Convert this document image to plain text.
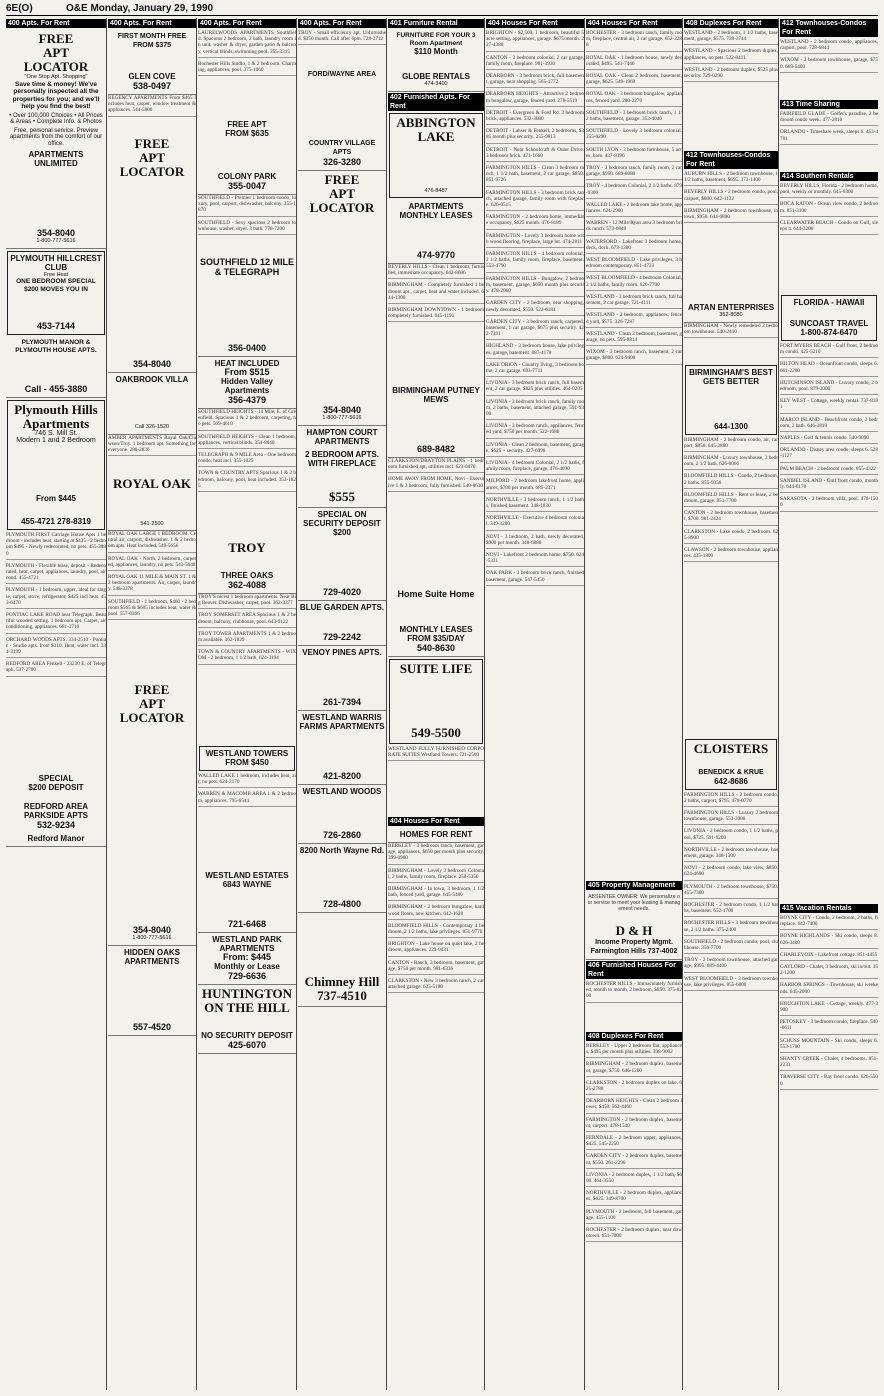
6E(O)	O&E Monday, January 29, 1990
400 Apts. For Rent
FREE
APT
LOCATOR
"One Stop Apt. Shopping"
Save time & money! We've personally inspected all the properties for you; and we'll help you find the best!
• Over 100,000 Choices • All Prices & Areas • Complete Info. & Photos
Free, personal service. Preview apartments from the comfort of our office.
APARTMENTS UNLIMITED
354-8040
1-800-777-5616
PLYMOUTH HILLCREST CLUB
Free Heat
ONE BEDROOM SPECIAL $200 MOVES YOU IN
453-7144
PLYMOUTH MANOR & PLYMOUTH HOUSE APTS.
Call - 455-3880
Plymouth Hills Apartments
746 S. Mill St.
Modern 1 and 2 Bedroom
From $445
455-4721 278-8319

PLYMOUTH FIRST Carriage House Apts 1 bedroom - includes heat, starting at $435 - 2 bedroom $495 - Newly redecorated, no pets. 455-3880

PLYMOUTH - Flexible lease, deposit - Redecorated, heat, carpet, appliances, laundry, pool, air cond. 455-4721

PLYMOUTH - 1 bedroom, upper, ideal for single, carpet, stove, refrigerator, $425 incl heat. 453-6470

PONTIAC LAKE ROAD near Telegraph. Beautiful wooded setting. 1 bedroom apt. Carpet, air conditioning, appliances. 681-3710

ORCHARD WOODS APTS. 334-2510 - Pontiac - Studio apts. from $310. Heat, water incl. 334-3199

REDFORD AREA Fenkell - 23230 E. of Telegraph. 537-2700

SPECIAL
$200 DEPOSIT
REDFORD AREA
PARKSIDE APTS
532-9234
Redford Manor
400 Apts. For Rent
FIRST MONTH FREE
FROM $375
GLEN COVE
538-0497

REGENCY APARTMENTS From $465 Includes heat, carpet, window treatment & appliances. 544-5800

FREE
APT
LOCATOR
354-8040
OAKBROOK VILLA
Call 326-1520

AMBER APARTMENTS Royal Oak/Clawson/Troy. 1 bedroom apt. Something for everyone. 280-2830

ROYAL OAK
541-2500

ROYAL OAK LARGE 1 BEDROOM. Central air, carport, dishwasher. 1 & 2 bedroom apts. Heat included. 549-5656

ROYAL OAK - North. 2 bedroom, carpeted, appliances, laundry, no pets. 543-5640

ROYAL OAK 11 MILE & MAIN ST. 1 & 2 bedroom apartments. Air, carpet, laundry. 548-3378

SOUTHFIELD - 1 bedroom, $460 - 2 bedroom $565 & $605 includes heat, water & pool. 557-0366

FREE
APT
LOCATOR
354-8040
1-800-777-5616
HIDDEN OAKS APARTMENTS
557-4520
400 Apts. For Rent

LAURELWOODS APARTMENTS Southfield. Spacious 2 bedroom, 2 bath, laundry room in unit, washer & dryer, garden patio & balcony, vertical blinds, swimming pool. 355-3315

Rochester Hills Studio, 1 & 2 bedroom. Charming, appliances, pool. 375-1060

FREE APT
FROM $635
COLONY PARK
355-0047

SOUTHFIELD - Premier 1 bedroom condo, luxury, pool, carport, dishwasher, balcony. 355-1870

SOUTHFIELD - Sexy spacious 2 bedroom townhouse, washer, dryer. 3 bath. 778-7200

SOUTHFIELD 12 MILE & TELEGRAPH
356-0400
HEAT INCLUDED
From $515
Hidden Valley Apartments
356-4379

SOUTHFIELD HEIGHTS - 14 Mile, E. of Greenfield. Spacious 1 & 2 bedroom, carpeting, no pets. 569-4610

SOUTHFIELD HEIGHTS - Clean 1 bedroom, appliances, vertical blinds. 354-8040

TELEGRAPH & 9 MILE Area - One bedroom condo, heat incl. 355-1025

TOWN & COUNTRY APTS Spacious 1 & 2 bedroom, balcony, pool, heat included. 353-1825

TROY
THREE OAKS
362-4088

TROY'S nicest 1 bedroom apartments. Near Big Beaver. Dishwasher, carpet, pool. 362-3377

TROY SOMERSET AREA Spacious 1 & 2 bedroom, balcony, clubhouse, pool. 643-9122

TROY TOWER APARTMENTS 1 & 2 bedroom available. 362-1829

TOWN & COUNTRY APARTMENTS - WIXOM - 2 bedroom, 1 1/2 bath, 624-3194

WESTLAND TOWERS
FROM $450

WALLED LAKE 1 bedroom, includes heat, air, no pets. 624-3170

WARREN & MACOMB AREA 1 & 2 bedroom, appliances. 795-6544

WESTLAND ESTATES
6843 WAYNE
721-6468
WESTLAND PARK APARTMENTS
From: $445
Monthly or Lease
729-6636
HUNTINGTON ON THE HILL
NO SECURITY DEPOSIT
425-6070
400 Apts. For Rent

TROY - Small efficiency apt. Unfurnished. $350 month. Call after 6pm. 728-3712

FORD/WAYNE AREA
COUNTRY VILLAGE APTS
326-3280
FREE
APT
LOCATOR
354-8040
1-800-777-5616
HAMPTON COURT APARTMENTS
2 BEDROOM APTS. WITH FIREPLACE
$555
SPECIAL ON SECURITY DEPOSIT $200
729-4020
BLUE GARDEN APTS.
729-2242
VENOY PINES APTS.
261-7394
WESTLAND WARRIS FARMS APARTMENTS
421-8200
WESTLAND WOODS
726-2860
8200 North Wayne Rd.
728-4800
Chimney Hill
737-4510
401 Furniture Rental
FURNITURE FOR YOUR 3 Room Apartment
$110 Month
GLOBE RENTALS
474-3400
402 Furnished Apts. For Rent
ABBINGTON LAKE
476-8487
APARTMENTS MONTHLY LEASES
474-9770

BEVERLY HILLS - Clean 1 bedroom, furnished, immediate occupancy. 642-8686

BIRMINGHAM - Completely furnished 1 bedroom apt., carpet, heat and water included. 644-1300

BIRMINGHAM DOWNTOWN - 1 bedroom completely furnished. 645-1191

BIRMINGHAM PUTNEY MEWS
689-8482

CLARKSTON/DRAYTON PLAINS - 1 bedroom furnished apt, utilities incl. 623-0470

HOME AWAY FROM HOME, Novi - Executive 1 & 2 bedroom, fully furnished. 540-8630

Home Suite Home
MONTHLY LEASES FROM $35/DAY
540-8630
SUITE LIFE
549-5500

WESTLAND FULLY FURNISHED CORPORATE SUITES Westland Towers. 721-2500

404 Houses For Rent
HOMES FOR RENT

BERKLEY - 3 bedroom ranch, basement, garage, appliances, $650 per month plus security. 399-0900

BIRMINGHAM - Lovely 3 bedroom Colonial, 2 baths, family room, fireplace. 258-5350

BIRMINGHAM - In town, 3 bedroom, 1 1/2 bath, fenced yard, garage. 645-5400

BIRMINGHAM - 2 bedroom bungalow, hardwood floors, new kitchen. 642-1620

BLOOMFIELD HILLS - Contemporary 4 bedroom, 2 1/2 baths, lake privileges. 851-9770

BRIGHTON - Lake house on quiet lake, 2 bedroom, appliances. 229-9431

CANTON - Ranch, 3 bedroom, basement, garage, $750 per month. 981-6336

CLARKSTON - New 3 bedroom ranch, 2 car attached garage. 625-5180

404 Houses For Rent

BRIGHTON - $2,500, 1 bedroom, beautiful 5 acre setting, appliances, garage. $675/month. 227-4380

CANTON - 3 bedroom colonial, 2 car garage, family room, fireplace. 981-3930

DEARBORN - 3 bedroom brick, full basement, garage, near shopping. 565-1772

DEARBORN HEIGHTS - Attractive 2 bedroom bungalow, garage, fenced yard. 278-5519

DETROIT - Evergreen & Ford Rd. 3 bedroom brick, appliances. 532-3080

DETROIT - Lahser & Fenkell, 2 bedrooms, $385 month plus security. 255-9813

DETROIT - Near Schoolcraft & Outer Drive. 3 bedroom brick. 471-1660

FARMINGTON HILLS - Clean 3 bedroom ranch, 1 1/2 bath, basement, 2 car garage, $850. 851-9726

FARMINGTON HILLS - 3 bedroom brick ranch, attached garage, family room with fireplace. 626-0515

FARMINGTON - 2 bedroom home, immediate occupancy, $625 month. 476-8189

FARMINGTON - Lovely 3 bedroom home with wood flooring, fireplace, large lot. 474-2811

FARMINGTON HILLS - 4 bedroom colonial, 2 1/2 baths, family room, fireplace, basement. 553-4790

FARMINGTON HILLS - Bungalow, 2 bedroom, basement, garage, $650 month plus security. 478-2060

GARDEN CITY - 2 bedroom, near shopping, newly decorated, $550. 522-6184

GARDEN CITY - 3 bedroom ranch, carpeted, basement, 1 car garage, $675 plus security. 422-7391

HIGHLAND - 3 bedroom house, lake privileges, garage, basement. 887-4170

LAKE ORION - Country living, 3 bedroom home, 2 car garage. 693-7711

LIVONIA - 3 bedroom brick ranch, full basement, 2 car garage, $825 plus utilities. 464-0205

LIVONIA - 3 bedroom brick ranch, family room, 2 baths, basement, attached garage. 591-9300

LIVONIA - 3 bedroom ranch, appliances, fenced yard, $750 per month. 522-1080

LIVONIA - Clean 2 bedroom, basement, garage, $625 + security. 427-6990

LIVONIA - 4 bedroom Colonial, 2 1/2 baths, family room, fireplace, garage. 476-4090

MILFORD - 2 bedroom lakefront home, appliances, $700 per month. 685-2371

NORTHVILLE - 3 bedroom ranch, 1 1/2 baths, finished basement. 348-1830

NORTHVILLE - Executive 4 bedroom colonial. 349-3200

NOVI - 3 bedroom, 2 bath, newly decorated, $900 per month. 348-6880

NOVI - Lakefront 2 bedroom home, $750. 624-5331

OAK PARK - 3 bedroom brick ranch, finished basement, garage. 547-5450

404 Houses For Rent

ROCHESTER - 3 bedroom ranch, family room, fireplace, central air, 2 car garage. 652-2288

ROYAL OAK - 1 bedroom house, newly decorated, $495. 541-7440

ROYAL OAK - Clean 2 bedroom, basement, garage, $625. 549-1969

ROYAL OAK - 3 bedroom bungalow, appliances, fenced yard. 280-2270

SOUTHFIELD - 3 bedroom brick ranch, 1 1/2 baths, basement, garage. 353-4040

SOUTHFIELD - Lovely 3 bedroom colonial. 355-0290

SOUTH LYON - 3 bedroom farmhouse, 5 acres, barn. 437-8196

TROY - 3 bedroom ranch, family room, 2 car garage, $950. 689-8080

TROY - 4 bedroom Colonial, 2 1/2 baths. 879-9300

WALLED LAKE - 2 bedroom lake home, appliances. 624-2900

WARREN - 12 Mile/Ryan area 3 bedroom brick ranch. 573-6840

WATERFORD - Lakefront 3 bedroom home, deck, dock. 673-1300

WEST BLOOMFIELD - Lake privileges, 3 bedroom contemporary. 851-4733

WEST BLOOMFIELD - 4 bedroom Colonial, 2 1/2 baths, family room. 626-7700

WESTLAND - 3 bedroom brick ranch, full basement, 2 car garage. 721-4111

WESTLAND - 2 bedroom, appliances, fenced yard, $575. 326-7287

WESTLAND - Clean 3 bedroom, basement, garage, no pets. 595-8814

WIXOM - 3 bedroom ranch, basement, 2 car garage, $800. 624-9400

405 Property Management
ABSENTEE OWNER: We personalize our service to meet your leasing & management needs.
D & H
Income Property Mgmt.
Farmington Hills 737-4002
406 Furnished Houses For Rent

ROCHESTER HILLS - Immaculately furnished, month to month, 2 bedroom, $850. 375-0200

408 Duplexes For Rent

BERKLEY - Upper 2 bedroom flat, appliances, $495 per month plus utilities. 398-9002

BIRMINGHAM - 2 bedroom duplex, basement, garage, $750. 646-1200

CLARKSTON - 2 bedroom duplex on lake. 625-2780

DEARBORN HEIGHTS - Clean 2 bedroom lower, $450. 562-4460

FARMINGTON - 2 bedroom duplex, basement, carport. 478-1540

FERNDALE - 2 bedroom upper, appliances, $425. 545-2250

GARDEN CITY - 2 bedroom duplex, basement, $550. 261-2290

LIVONIA - 2 bedroom duplex, 1 1/2 bath, $600. 464-3550

NORTHVILLE - 2 bedroom duplex, appliances, $625. 349-8700

PLYMOUTH - 2 bedroom, full basement, garage. 455-1100

ROCHESTER - 2 bedroom duplex, near downtown. 651-7000

408 Duplexes For Rent

WESTLAND - 2 bedroom, 1 1/2 baths, basement, garage, $575. 728-3744

WESTLAND - Spacious 2 bedroom duplex, appliances, no pets. 522-8411

WESTLAND - 2 bedroom duplex, $525 plus security. 729-0290

412 Townhouses-Condos For Rent

AUBURN HILLS - 2 bedroom townhouse, 1 1/2 baths, basement, $695. 373-1400

BEVERLY HILLS - 2 bedroom condo, pool, carport, $800. 642-1122

BIRMINGHAM - 2 bedroom townhouse, in town, $950. 644-6800

ARTAN ENTERPRISES
352-8080

BIRMINGHAM - Newly remodeled 2 bedroom townhouse. 540-2410

BIRMINGHAM'S BEST GETS BETTER
644-1300

BIRMINGHAM - 2 bedroom condo, air, carport, $850. 645-2880

BIRMINGHAM - Luxury townhouse, 3 bedroom, 2 1/2 bath. 626-0066

BLOOMFIELD HILLS - Condo, 2 bedroom, 2 baths. 855-9350

BLOOMFIELD HILLS - Rent or lease, 2 bedroom, garage. 851-7700

CANTON - 2 bedroom townhouse, basement, $700. 981-2424

CLARKSTON - Lake condo, 2 bedroom. 625-8900

CLAWSON - 2 bedroom townhouse, appliances. 435-1800

CLOISTERS
BENEDICK & KRUE
642-8686

FARMINGTON HILLS - 2 bedroom condo, 2 baths, carport, $795. 478-0770

FARMINGTON HILLS - Luxury 2 bedroom townhouse, garage. 553-3080

LIVONIA - 2 bedroom condo, 1 1/2 baths, pool, $725. 591-9200

NORTHVILLE - 2 bedroom townhouse, basement, garage. 348-1300

NOVI - 2 bedroom condo, lake view, $850. 624-4600

PLYMOUTH - 2 bedroom townhouse, $750. 455-7300

ROCHESTER - 2 bedroom condo, 1 1/2 baths, basement. 652-1700

ROCHESTER HILLS - 3 bedroom townhouse, 2 1/2 baths. 375-2400

SOUTHFIELD - 2 bedroom condo, pool, clubhouse. 356-7700

TROY - 2 bedroom townhouse, attached garage, $995. 689-4400

WEST BLOOMFIELD - 3 bedroom townhouse, lake privileges. 855-6800

412 Townhouses-Condos For Rent

WESTLAND - 2 bedroom condo, appliances, carport, pool. 728-6844

WIXOM - 2 bedroom townhouse, garage, $750. 669-5400

413 Time Sharing

FAIRFIELD GLADE - Golfer's paradise, 2 bedroom condo week. 477-2810

ORLANDO - Timeshare week, sleeps 6. 453-4701

414 Southern Rentals

BEVERLY HILLS, Florida - 2 bedroom home, pool, weekly or monthly. 645-6300

BOCA RATON - Ocean view condo, 2 bedroom. 851-3100

CLEARWATER BEACH - Condo on Gulf, sleeps 4. 644-3200

FLORIDA - HAWAII
SUNCOAST TRAVEL
1-800-874-6470

FORT MYERS BEACH - Gulf front, 2 bedroom condo. 425-5210

HILTON HEAD - Oceanfront condo, sleeps 6. 661-2200

HUTCHINSON ISLAND - Luxury condo, 2 bedroom, pool. 879-3000

KEY WEST - Cottage, weekly rental. 737-8181

MARCO ISLAND - Beachfront condo, 2 bedroom, 2 bath. 646-3810

NAPLES - Golf & tennis condo. 540-9090

ORLANDO - Disney area condo, sleeps 6. 528-1127

PALM BEACH - 2 bedroom condo. 855-4322

SANIBEL ISLAND - Gulf front condo, monthly. 644-6170

SARASOTA - 2 bedroom villa, pool. 478-1500

415 Vacation Rentals

BOYNE CITY - Condo, 2 bedroom, 2 baths, fireplace. 642-7400

BOYNE HIGHLANDS - Ski condo, sleeps 8. 626-3400

CHARLEVOIX - Lakefront cottage. 851-4455

GAYLORD - Chalet, 3 bedroom, ski in/out. 352-1200

HARBOR SPRINGS - Townhouse, ski weekends. 645-2000

HOUGHTON LAKE - Cottage, weekly. 477-3900

PETOSKEY - 3 bedroom condo, fireplace. 540-6611

SCHUSS MOUNTAIN - Ski condo, sleeps 6. 553-1700

SHANTY CREEK - Chalet, 4 bedrooms. 851-2233

TRAVERSE CITY - Bay front condo. 626-5500
